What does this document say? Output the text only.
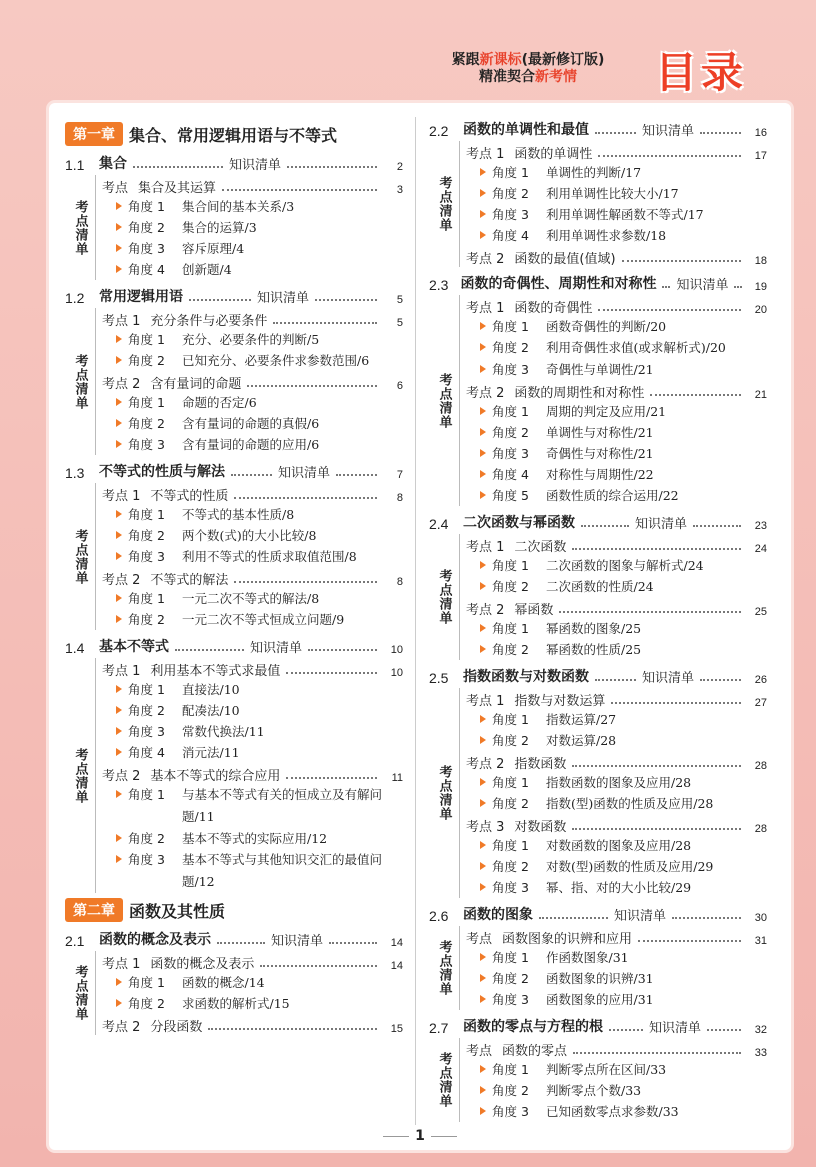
紧跟新课标(最新修订版)
精准契合新考情	目录
第一章 集合、常用逻辑用语与不等式
1.1	集合	知识清单	2
考点清单
考点 集合及其运算	3
角度 1	集合间的基本关系/3
角度 2	集合的运算/3
角度 3	容斥原理/4
角度 4	创新题/4
1.2	常用逻辑用语	知识清单	5
考点清单
考点 1 充分条件与必要条件	5
角度 1	充分、必要条件的判断/5
角度 2	已知充分、必要条件求参数范围/6
考点 2 含有量词的命题	6
角度 1	命题的否定/6
角度 2	含有量词的命题的真假/6
角度 3	含有量词的命题的应用/6
1.3	不等式的性质与解法	知识清单	7
考点清单
考点 1 不等式的性质	8
角度 1	不等式的基本性质/8
角度 2	两个数(式)的大小比较/8
角度 3	利用不等式的性质求取值范围/8
考点 2 不等式的解法	8
角度 1	一元二次不等式的解法/8
角度 2	一元二次不等式恒成立问题/9
1.4	基本不等式	知识清单	10
考点清单
考点 1 利用基本不等式求最值	10
角度 1	直接法/10
角度 2	配凑法/10
角度 3	常数代换法/11
角度 4	消元法/11
考点 2 基本不等式的综合应用	11
角度 1	与基本不等式有关的恒成立及有解问题/11
角度 2	基本不等式的实际应用/12
角度 3	基本不等式与其他知识交汇的最值问题/12
第二章 函数及其性质
2.1	函数的概念及表示	知识清单	14
考点清单
考点 1 函数的概念及表示	14
角度 1	函数的概念/14
角度 2	求函数的解析式/15
考点 2 分段函数	15
2.2	函数的单调性和最值	知识清单	16
考点清单
考点 1 函数的单调性	17
角度 1	单调性的判断/17
角度 2	利用单调性比较大小/17
角度 3	利用单调性解函数不等式/17
角度 4	利用单调性求参数/18
考点 2 函数的最值(值域)	18
2.3 函数的奇偶性、周期性和对称性 知识清单	19
考点清单
考点 1 函数的奇偶性	20
角度 1	函数奇偶性的判断/20
角度 2	利用奇偶性求值(或求解析式)/20
角度 3	奇偶性与单调性/21
考点 2 函数的周期性和对称性	21
角度 1	周期的判定及应用/21
角度 2	单调性与对称性/21
角度 3	奇偶性与对称性/21
角度 4	对称性与周期性/22
角度 5	函数性质的综合运用/22
2.4	二次函数与幂函数	知识清单	23
考点清单
考点 1 二次函数	24
角度 1	二次函数的图象与解析式/24
角度 2	二次函数的性质/24
考点 2 幂函数	25
角度 1	幂函数的图象/25
角度 2	幂函数的性质/25
2.5	指数函数与对数函数	知识清单	26
考点清单
考点 1 指数与对数运算	27
角度 1	指数运算/27
角度 2	对数运算/28
考点 2 指数函数	28
角度 1	指数函数的图象及应用/28
角度 2	指数(型)函数的性质及应用/28
考点 3 对数函数	28
角度 1	对数函数的图象及应用/28
角度 2	对数(型)函数的性质及应用/29
角度 3	幂、指、对的大小比较/29
2.6	函数的图象	知识清单	30
考点清单
考点 函数图象的识辨和应用	31
角度 1	作函数图象/31
角度 2	函数图象的识辨/31
角度 3	函数图象的应用/31
2.7	函数的零点与方程的根	知识清单	32
考点清单
考点 函数的零点	33
角度 1	判断零点所在区间/33
角度 2	判断零点个数/33
角度 3	已知函数零点求参数/33
1
